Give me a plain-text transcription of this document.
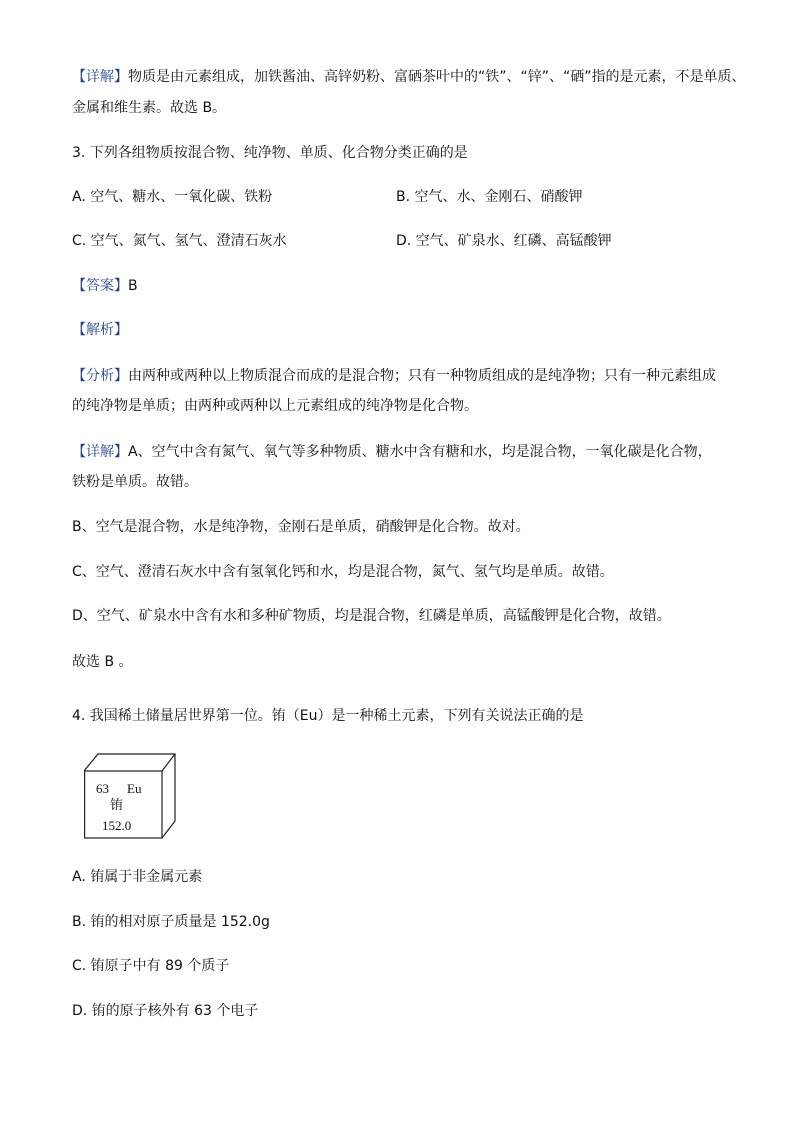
【详解】物质是由元素组成，加铁酱油、高锌奶粉、富硒茶叶中的“铁”、“锌”、“硒”指的是元素，不是单质、
金属和维生素。故选 B。
3. 下列各组物质按混合物、纯净物、单质、化合物分类正确的是
A. 空气、糖水、一氧化碳、铁粉	B. 空气、水、金刚石、硝酸钾
C. 空气、氮气、氢气、澄清石灰水	D. 空气、矿泉水、红磷、高锰酸钾
【答案】B
【解析】
【分析】由两种或两种以上物质混合而成的是混合物；只有一种物质组成的是纯净物；只有一种元素组成
的纯净物是单质；由两种或两种以上元素组成的纯净物是化合物。
【详解】A、空气中含有氮气、氧气等多种物质、糖水中含有糖和水，均是混合物，一氧化碳是化合物，
铁粉是单质。故错。
B、空气是混合物，水是纯净物，金刚石是单质，硝酸钾是化合物。故对。
C、空气、澄清石灰水中含有氢氧化钙和水，均是混合物，氮气、氢气均是单质。故错。
D、空气、矿泉水中含有水和多种矿物质，均是混合物，红磷是单质，高锰酸钾是化合物，故错。
故选 B 。
4. 我国稀土储量居世界第一位。铕（Eu）是一种稀土元素，下列有关说法正确的是
63 Eu
铕
152.0
A. 铕属于非金属元素
B. 铕的相对原子质量是 152.0g
C. 铕原子中有 89 个质子
D. 铕的原子核外有 63 个电子
